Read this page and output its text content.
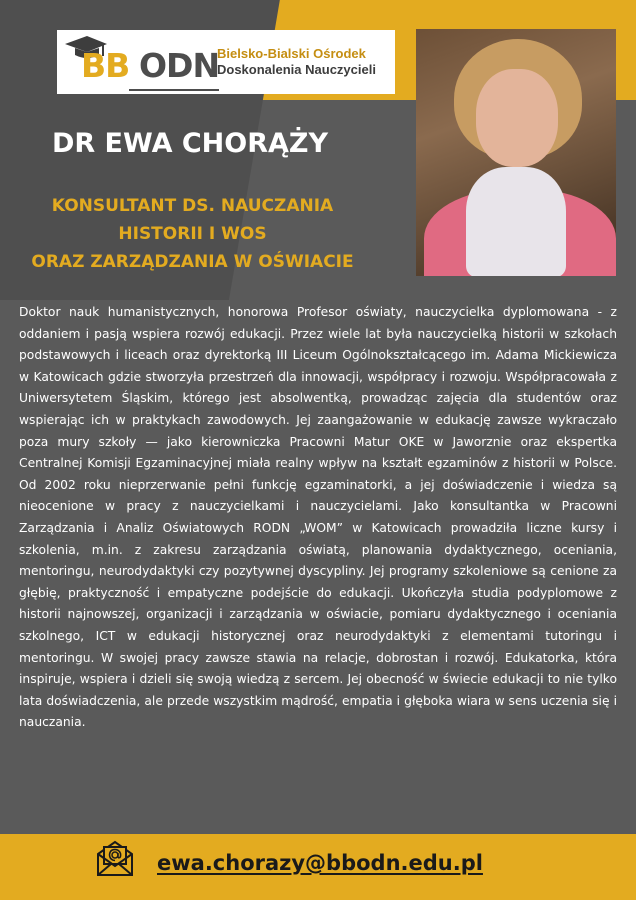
BB ODN
Bielsko-Bialski Ośrodek
Doskonalenia Nauczycieli
DR EWA CHORĄŻY
KONSULTANT DS. NAUCZANIA
HISTORII I WOS
ORAZ ZARZĄDZANIA W OŚWIACIE

Doktor nauk humanistycznych, honorowa Profesor oświaty, nauczycielka dyplomowana - z oddaniem i pasją wspiera rozwój edukacji. Przez wiele lat była nauczycielką historii w szkołach podstawowych i liceach oraz dyrektorką III Liceum Ogólnokształcącego im. Adama Mickiewicza w Katowicach gdzie stworzyła przestrzeń dla innowacji, współpracy i rozwoju. Współpracowała z Uniwersytetem Śląskim, którego jest absolwentką, prowadząc zajęcia dla studentów oraz wspierając ich w praktykach zawodowych. Jej zaangażowanie w edukację zawsze wykraczało poza mury szkoły — jako kierowniczka Pracowni Matur OKE w Jaworznie oraz ekspertka Centralnej Komisji Egzaminacyjnej miała realny wpływ na kształt egzaminów z historii w Polsce. Od 2002 roku nieprzerwanie pełni funkcję egzaminatorki, a jej doświadczenie i wiedza są nieocenione w pracy z nauczycielkami i nauczycielami. Jako konsultantka w Pracowni Zarządzania i Analiz Oświatowych RODN „WOM” w Katowicach prowadziła liczne kursy i szkolenia, m.in. z zakresu zarządzania oświatą, planowania dydaktycznego, oceniania, mentoringu, neurodydaktyki czy pozytywnej dyscypliny. Jej programy szkoleniowe są cenione za głębię, praktyczność i empatyczne podejście do edukacji. Ukończyła studia podyplomowe z historii najnowszej, organizacji i zarządzania w oświacie, pomiaru dydaktycznego i oceniania szkolnego, ICT w edukacji historycznej oraz neurodydaktyki z elementami tutoringu i mentoringu. W swojej pracy zawsze stawia na relacje, dobrostan i rozwój. Edukatorka, która inspiruje, wspiera i dzieli się swoją wiedzą z sercem. Jej obecność w świecie edukacji to nie tylko lata doświadczenia, ale przede wszystkim mądrość, empatia i głęboka wiara w sens uczenia się i nauczania.

ewa.chorazy@bbodn.edu.pl
